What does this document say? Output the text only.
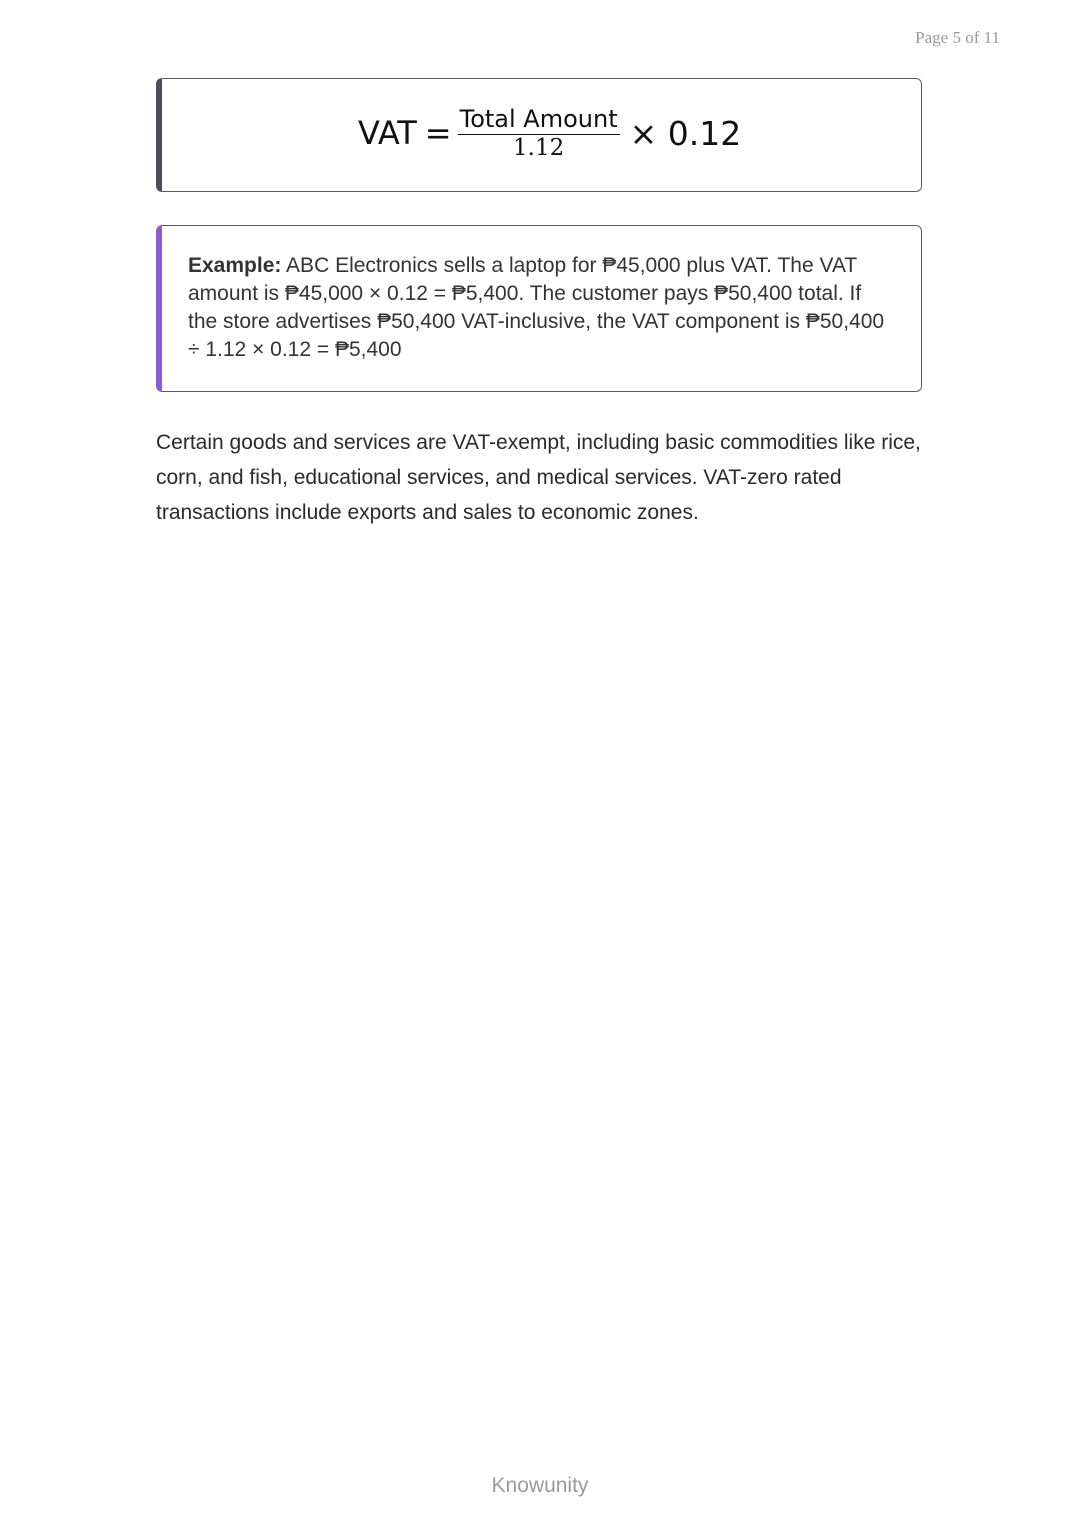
Page 5 of 11
VAT = $\frac{\text{Total Amount}}{1.12} \times 0.12$

Example: ABC Electronics sells a laptop for ₱45,000 plus VAT. The VAT amount is ₱45,000 × 0.12 = ₱5,400. The customer pays ₱50,400 total. If the store advertises ₱50,400 VAT-inclusive, the VAT component is ₱50,400 ÷ 1.12 × 0.12 = ₱5,400

Certain goods and services are VAT-exempt, including basic commodities like rice, corn, and fish, educational services, and medical services. VAT-zero rated transactions include exports and sales to economic zones.

Knowunity
